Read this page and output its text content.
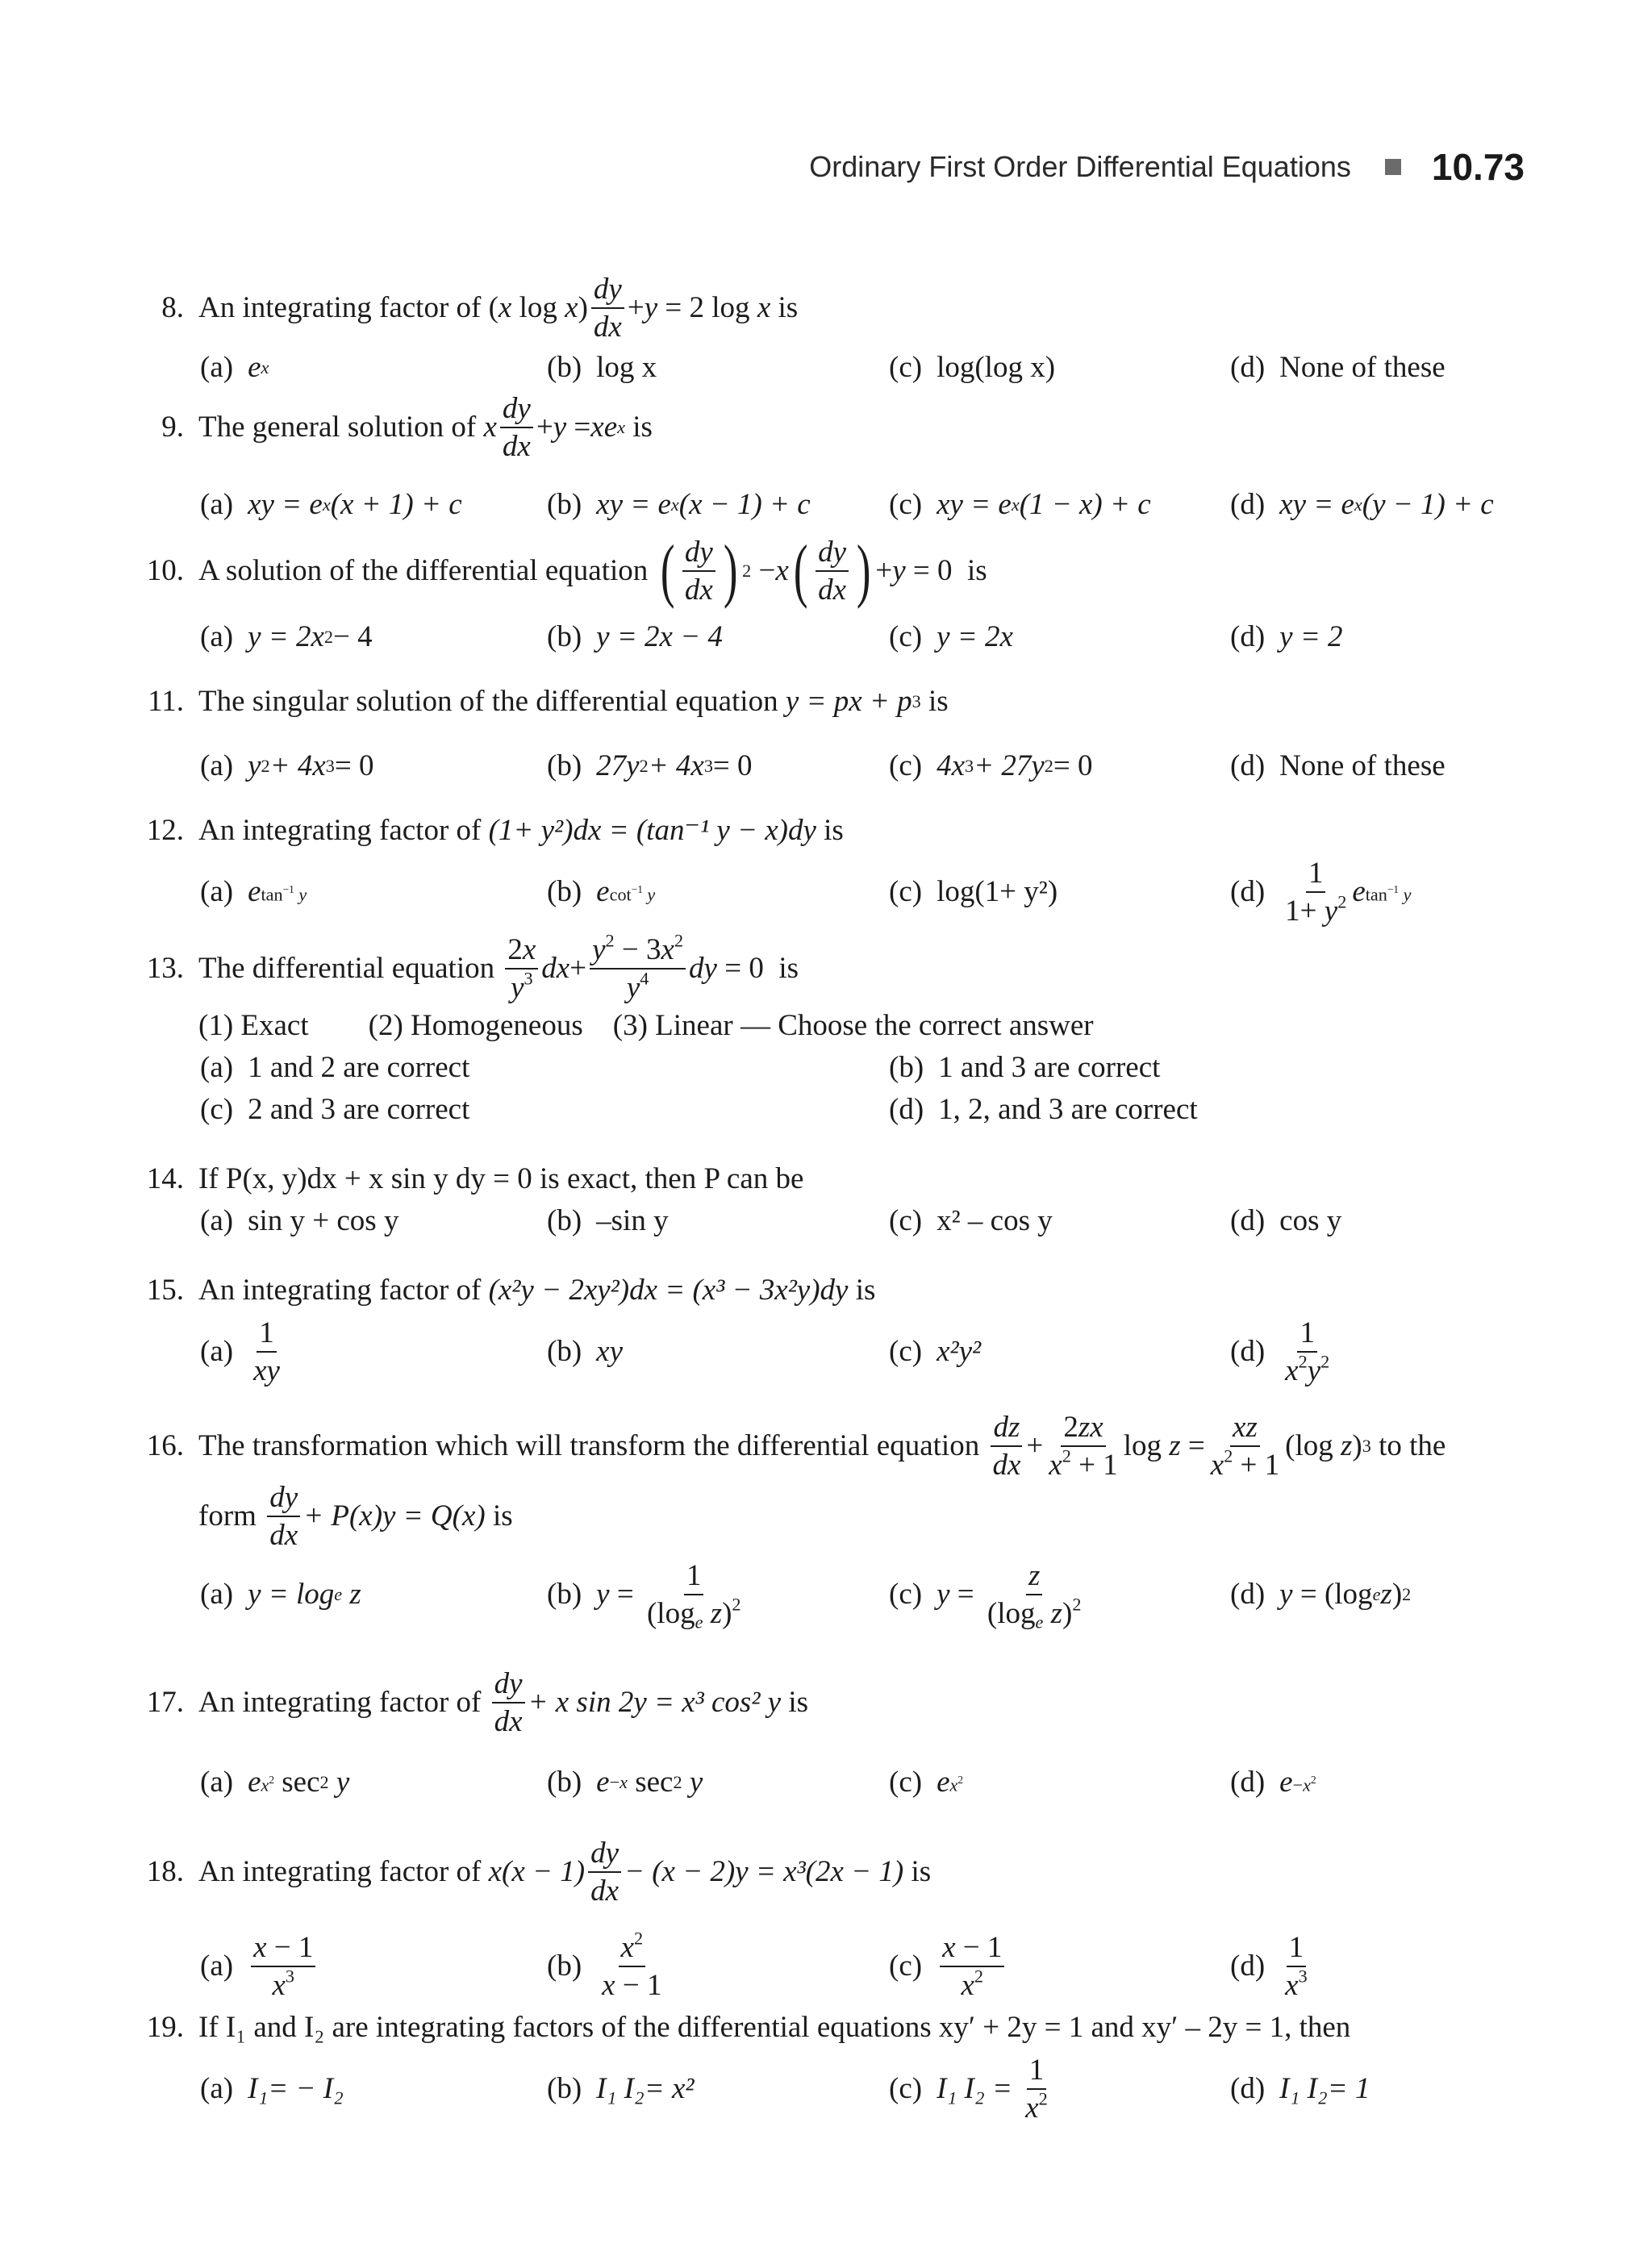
Ordinary First Order Differential Equations 10.73
8. An integrating factor of ( x log x ) $\frac{dy}{dx} + y = 2$ log x
is
(a) e x	(b) log x	(c) log(log x)	(d) None of these
9. The general solution of
x $\frac{dy}{dx} + y$ = xe x
is
(a) xy = e x (x + 1) + c	(b) xy = e x (x − 1) + c	(c) xy = e x (1 − x) + c	(d) xy = e x (y − 1) + c
10. A solution of the differential equation
( $\frac{dy}{dx}$ ) 2 − x ( $\frac{dy}{dx}$ ) + y = 0 is
(a) y = 2x 2 − 4	(b) y = 2x − 4	(c) y = 2x	(d) y = 2
11. The singular solution of the differential equation
y = px + p 3
is
(a) y 2 + 4x 3 = 0	(b) 27y 2 + 4x 3 = 0	(c) 4x 3 + 27y 2 = 0	(d) None of these
12. An integrating factor of
(1+ y²)dx = (tan⁻¹ y − x)dy
is
(a) e $\tan^{-1} y$	(b) e $\cot^{-1} y$	(c) log(1+ y²)	$(d) \frac{1}{1+ y^2}$ e $\tan^{-1} y$
13. The differential equation
$\frac{2x}{y^3}$ dx + $\frac{y^2 - 3x^2}{y^4}$ dy = 0 is
(1) Exact        (2) Homogeneous    (3) Linear — Choose the correct answer
(a) 1 and 2 are correct	(b) 1 and 3 are correct
(c) 2 and 3 are correct	(d) 1, 2, and 3 are correct
14. If P(x, y)dx + x sin y dy = 0 is exact, then P can be
(a) sin y + cos y	(b) –sin y	(c) x² – cos y	(d) cos y
15. An integrating factor of
(x²y − 2xy²)dx = (x³ − 3x²y)dy
is
$(a) \frac{1}{xy}$	(b) xy	(c) x²y²	$(d) \frac{1}{x^2y^2}$
16. The transformation which will transform the differential equation
$\frac{dz}{dx} + \frac{2zx}{x^2 + 1}$ $\log z = \frac{xz}{x^2 + 1} (\log$ z ) 3
to the
form
$\frac{dy}{dx} + P(x)y = Q(x)$
is
(a) y = log e
z	(b) $y = \frac{1}{(\log_e z)^2}$	(c) $y = \frac{z}{(\log_e z)^2}$	(d) y = (log e z ) 2
17. An integrating factor of
$\frac{dy}{dx} + x$ sin 2y = x³ cos² y
is
(a) e $x^2$ sec 2
y	(b) e −x sec 2
y	(c) e $x^2$	(d) $e -x^2$
18. An integrating factor of
$x(x - 1) \frac{dy}{dx} - (x - 2)y = x^3(2x - 1)$
is
$(a) \frac{x - 1}{x^3}$	$(b) \frac{x^2}{x - 1}$	$(c) \frac{x - 1}{x^2}$	$(d) \frac{1}{x^3}$
19. If I₁ and I₂ are integrating factors of the differential equations xy′ + 2y = 1 and xy′ – 2y = 1, then
(a) I₁= − I₂	(b) I₁ I₂= x²	(c) I₁ I₂ =
$\frac{1}{x^2}$	(d) I₁ I₂= 1
